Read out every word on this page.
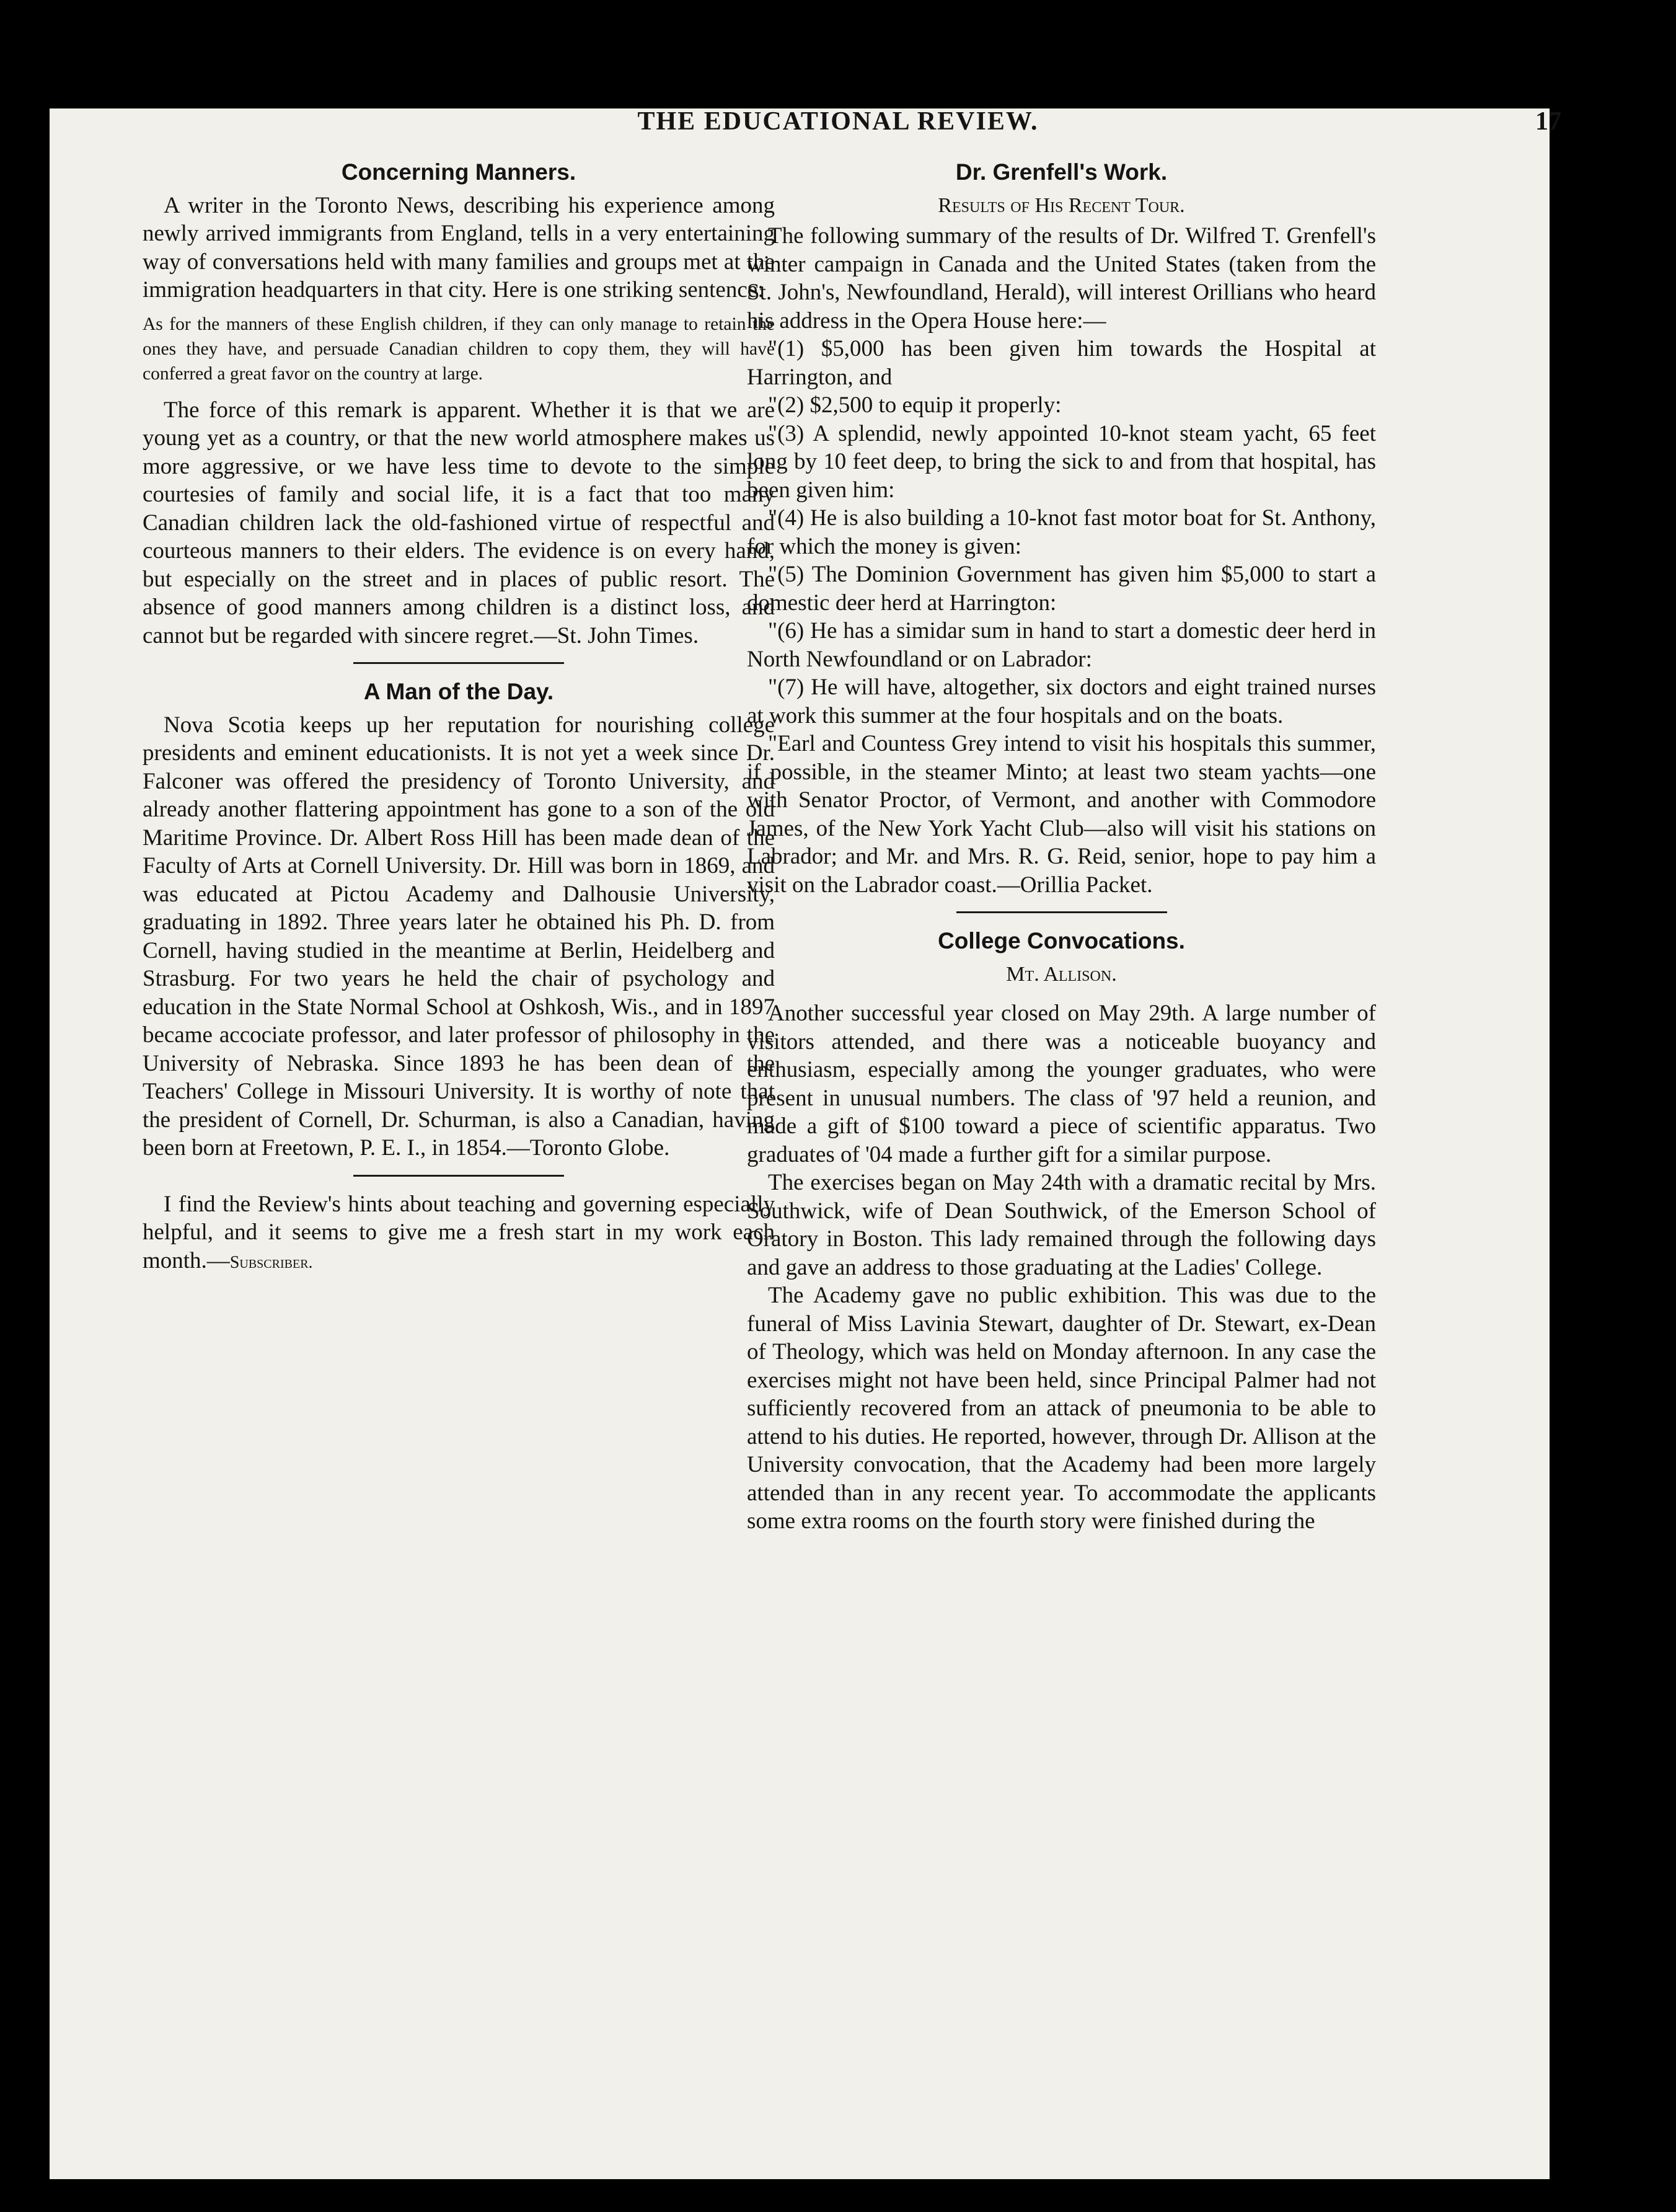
THE EDUCATIONAL REVIEW.	17
Concerning Manners.

A writer in the Toronto News, describing his experience among newly arrived immigrants from England, tells in a very entertaining way of conversations held with many families and groups met at the immigration headquarters in that city. Here is one striking sentence:

As for the manners of these English children, if they can only manage to retain the ones they have, and persuade Canadian children to copy them, they will have conferred a great favor on the country at large.

The force of this remark is apparent. Whether it is that we are young yet as a country, or that the new world atmosphere makes us more aggressive, or we have less time to devote to the simple courtesies of family and social life, it is a fact that too many Canadian children lack the old-fashioned virtue of respectful and courteous manners to their elders. The evidence is on every hand, but especially on the street and in places of public resort. The absence of good manners among children is a distinct loss, and cannot but be regarded with sincere regret.—St. John Times.

A Man of the Day.

Nova Scotia keeps up her reputation for nourishing college presidents and eminent educationists. It is not yet a week since Dr. Falconer was offered the presidency of Toronto University, and already another flattering appointment has gone to a son of the old Maritime Province. Dr. Albert Ross Hill has been made dean of the Faculty of Arts at Cornell University. Dr. Hill was born in 1869, and was educated at Pictou Academy and Dalhousie University, graduating in 1892. Three years later he obtained his Ph. D. from Cornell, having studied in the meantime at Berlin, Heidelberg and Strasburg. For two years he held the chair of psychology and education in the State Normal School at Oshkosh, Wis., and in 1897 became accociate professor, and later professor of philosophy in the University of Nebraska. Since 1893 he has been dean of the Teachers' College in Missouri University. It is worthy of note that the president of Cornell, Dr. Schurman, is also a Canadian, having been born at Freetown, P. E. I., in 1854.—Toronto Globe.

I find the Review's hints about teaching and governing especially helpful, and it seems to give me a fresh start in my work each month.—Subscriber.

Dr. Grenfell's Work.
Results of His Recent Tour.

The following summary of the results of Dr. Wilfred T. Grenfell's winter campaign in Canada and the United States (taken from the St. John's, Newfoundland, Herald), will interest Orillians who heard his address in the Opera House here:—

"(1) $5,000 has been given him towards the Hospital at Harrington, and

"(2) $2,500 to equip it properly:

"(3) A splendid, newly appointed 10-knot steam yacht, 65 feet long by 10 feet deep, to bring the sick to and from that hospital, has been given him:

"(4) He is also building a 10-knot fast motor boat for St. Anthony, for which the money is given:

"(5) The Dominion Government has given him $5,000 to start a domestic deer herd at Harrington:

"(6) He has a simidar sum in hand to start a domestic deer herd in North Newfoundland or on Labrador:

"(7) He will have, altogether, six doctors and eight trained nurses at work this summer at the four hospitals and on the boats.

"Earl and Countess Grey intend to visit his hospitals this summer, if possible, in the steamer Minto; at least two steam yachts—one with Senator Proctor, of Vermont, and another with Commodore James, of the New York Yacht Club—also will visit his stations on Labrador; and Mr. and Mrs. R. G. Reid, senior, hope to pay him a visit on the Labrador coast.—Orillia Packet.

College Convocations.
Mt. Allison.

Another successful year closed on May 29th. A large number of visitors attended, and there was a noticeable buoyancy and enthusiasm, especially among the younger graduates, who were present in unusual numbers. The class of '97 held a reunion, and made a gift of $100 toward a piece of scientific apparatus. Two graduates of '04 made a further gift for a similar purpose.

The exercises began on May 24th with a dramatic recital by Mrs. Southwick, wife of Dean Southwick, of the Emerson School of Oratory in Boston. This lady remained through the following days and gave an address to those graduating at the Ladies' College.

The Academy gave no public exhibition. This was due to the funeral of Miss Lavinia Stewart, daughter of Dr. Stewart, ex-Dean of Theology, which was held on Monday afternoon. In any case the exercises might not have been held, since Principal Palmer had not sufficiently recovered from an attack of pneumonia to be able to attend to his duties. He reported, however, through Dr. Allison at the University convocation, that the Academy had been more largely attended than in any recent year. To accommodate the applicants some extra rooms on the fourth story were finished during the
